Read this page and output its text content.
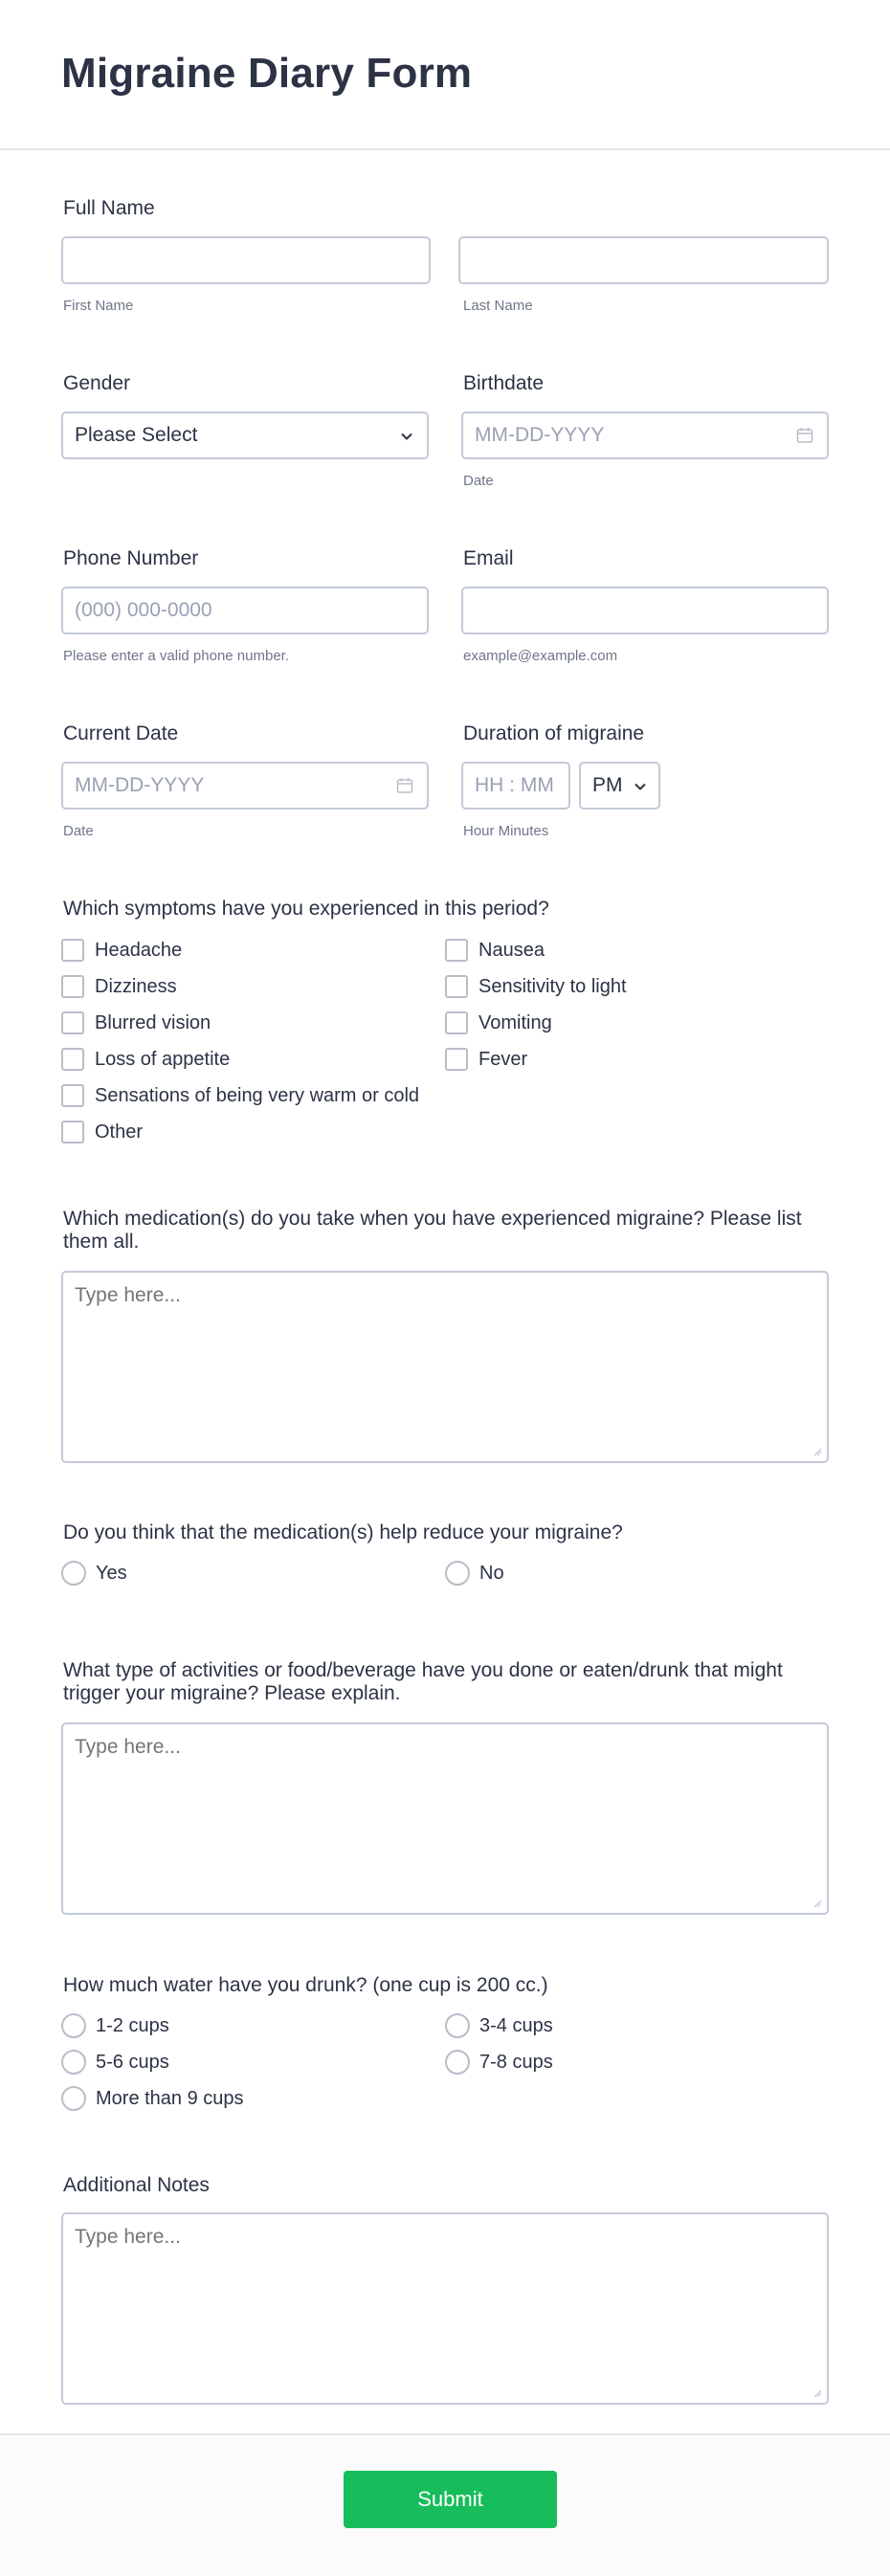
Migraine Diary Form
Full Name
First Name	Last Name
Gender
Please Select
Birthdate
MM-DD-YYYY
Date
Phone Number
(000) 000-0000
Please enter a valid phone number.
Email
example@example.com
Current Date
MM-DD-YYYY
Date
Duration of migraine
HH : MM
PM
Hour Minutes
Which symptoms have you experienced in this period?
Headache	Nausea
Dizziness	Sensitivity to light
Blurred vision	Vomiting
Loss of appetite	Fever
Sensations of being very warm or cold
Other
Which medication(s) do you take when you have experienced migraine? Please list
them all.
Type here...
Do you think that the medication(s) help reduce your migraine?
Yes	No
What type of activities or food/beverage have you done or eaten/drunk that might
trigger your migraine? Please explain.
Type here...
How much water have you drunk? (one cup is 200 cc.)
1-2 cups	3-4 cups
5-6 cups	7-8 cups
More than 9 cups
Additional Notes
Type here...
Submit
